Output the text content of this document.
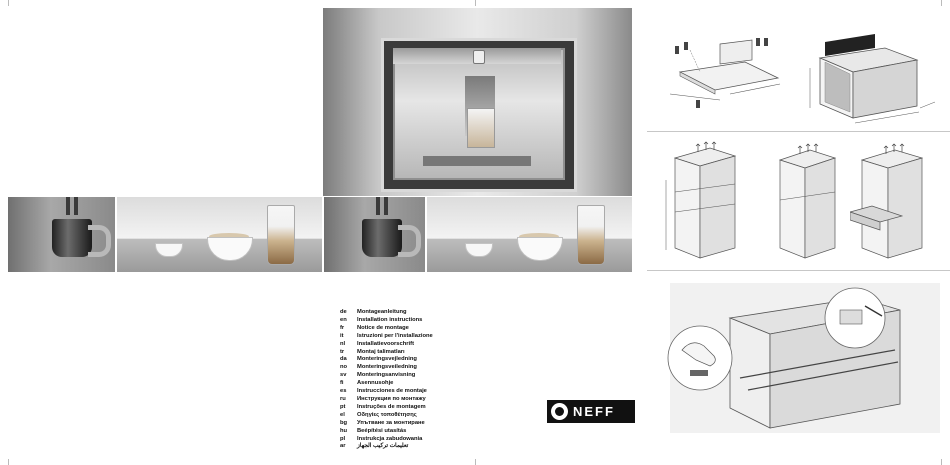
de	Montageanleitung
en	Installation instructions
fr	Notice de montage
it	Istruzioni per l'installazione
nl	Installatievoorschrift
tr	Montaj talimatları
da	Monteringsvejledning
no	Monteringsveiledning
sv	Monteringsanvisning
fi	Asennusohje
es	Instrucciones de montaje
ru	Инструкция по монтажу
pt	Instruções de montagem
el	Οδηγίες τοποθέτησης
bg	Упътване за монтиране
hu	Beépítési utasítás
pl	Instrukcja zabudowania
ar	تعليمات تركيب الجهاز
NEFF
